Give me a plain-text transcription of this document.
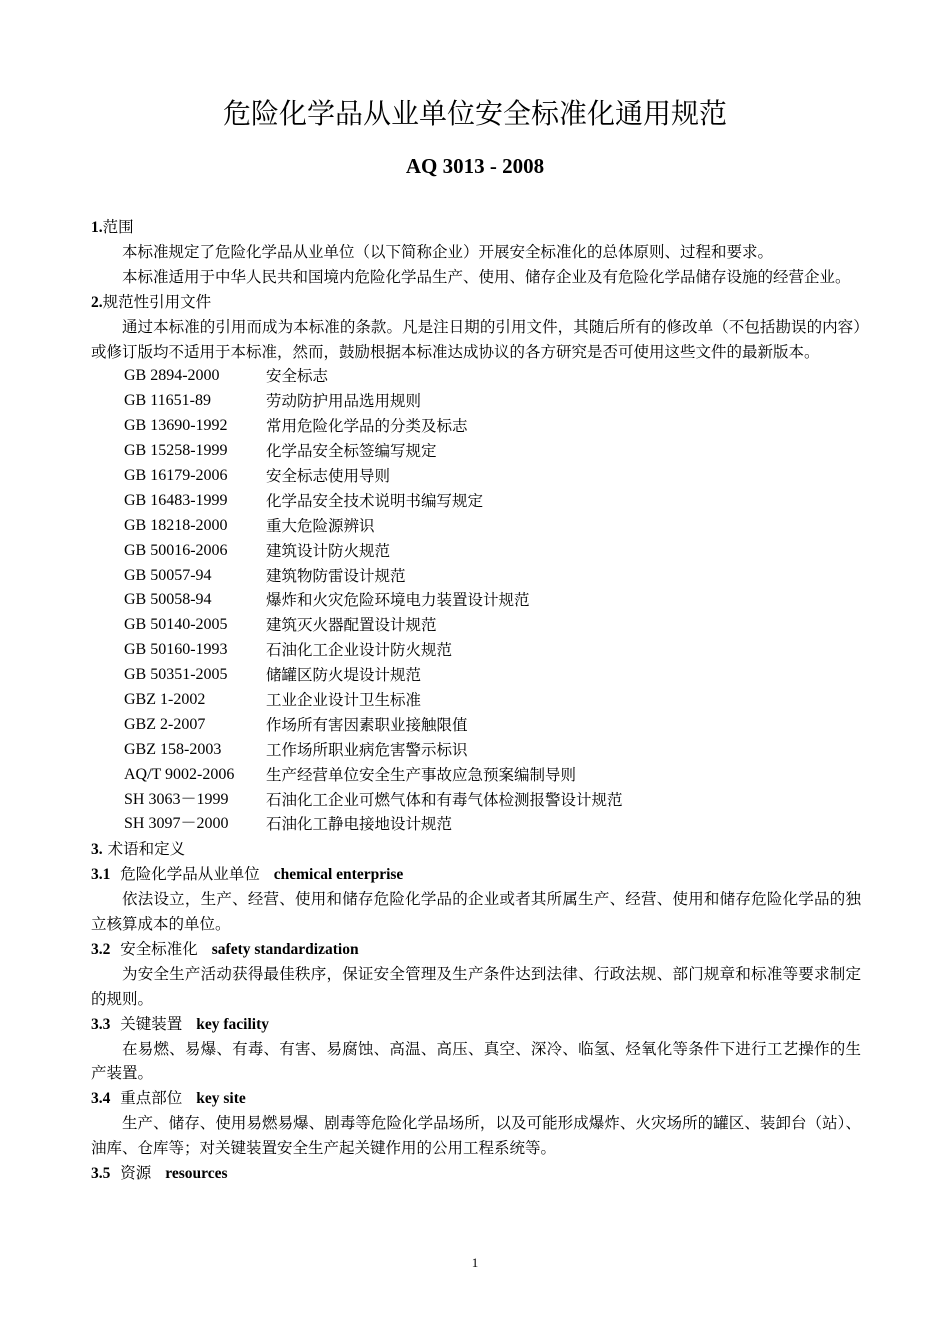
危险化学品从业单位安全标准化通用规范
AQ 3013 - 2008
1.范围
本标准规定了危险化学品从业单位（以下简称企业）开展安全标准化的总体原则、过程和要求。
本标准适用于中华人民共和国境内危险化学品生产、使用、储存企业及有危险化学品储存设施的经营企业。
2.规范性引用文件
通过本标准的引用而成为本标准的条款。凡是注日期的引用文件，其随后所有的修改单（不包括勘误的内容）或修订版均不适用于本标准，然而，鼓励根据本标准达成协议的各方研究是否可使用这些文件的最新版本。
GB 2894-2000	安全标志
GB 11651-89	劳动防护用品选用规则
GB 13690-1992	常用危险化学品的分类及标志
GB 15258-1999	化学品安全标签编写规定
GB 16179-2006	安全标志使用导则
GB 16483-1999	化学品安全技术说明书编写规定
GB 18218-2000	重大危险源辨识
GB 50016-2006	建筑设计防火规范
GB 50057-94	建筑物防雷设计规范
GB 50058-94	爆炸和火灾危险环境电力装置设计规范
GB 50140-2005	建筑灭火器配置设计规范
GB 50160-1993	石油化工企业设计防火规范
GB 50351-2005	储罐区防火堤设计规范
GBZ 1-2002	工业企业设计卫生标准
GBZ 2-2007	作场所有害因素职业接触限值
GBZ 158-2003	工作场所职业病危害警示标识
AQ/T 9002-2006	生产经营单位安全生产事故应急预案编制导则
SH 3063－1999	石油化工企业可燃气体和有毒气体检测报警设计规范
SH 3097－2000	石油化工静电接地设计规范
3. 术语和定义
3.1 危险化学品从业单位 chemical enterprise
依法设立，生产、经营、使用和储存危险化学品的企业或者其所属生产、经营、使用和储存危险化学品的独立核算成本的单位。
3.2 安全标准化 safety standardization
为安全生产活动获得最佳秩序，保证安全管理及生产条件达到法律、行政法规、部门规章和标准等要求制定的规则。
3.3 关键装置 key facility
在易燃、易爆、有毒、有害、易腐蚀、高温、高压、真空、深冷、临氢、烃氧化等条件下进行工艺操作的生产装置。
3.4 重点部位 key site
生产、储存、使用易燃易爆、剧毒等危险化学品场所，以及可能形成爆炸、火灾场所的罐区、装卸台（站）、油库、仓库等；对关键装置安全生产起关键作用的公用工程系统等。
3.5 资源 resources
1
